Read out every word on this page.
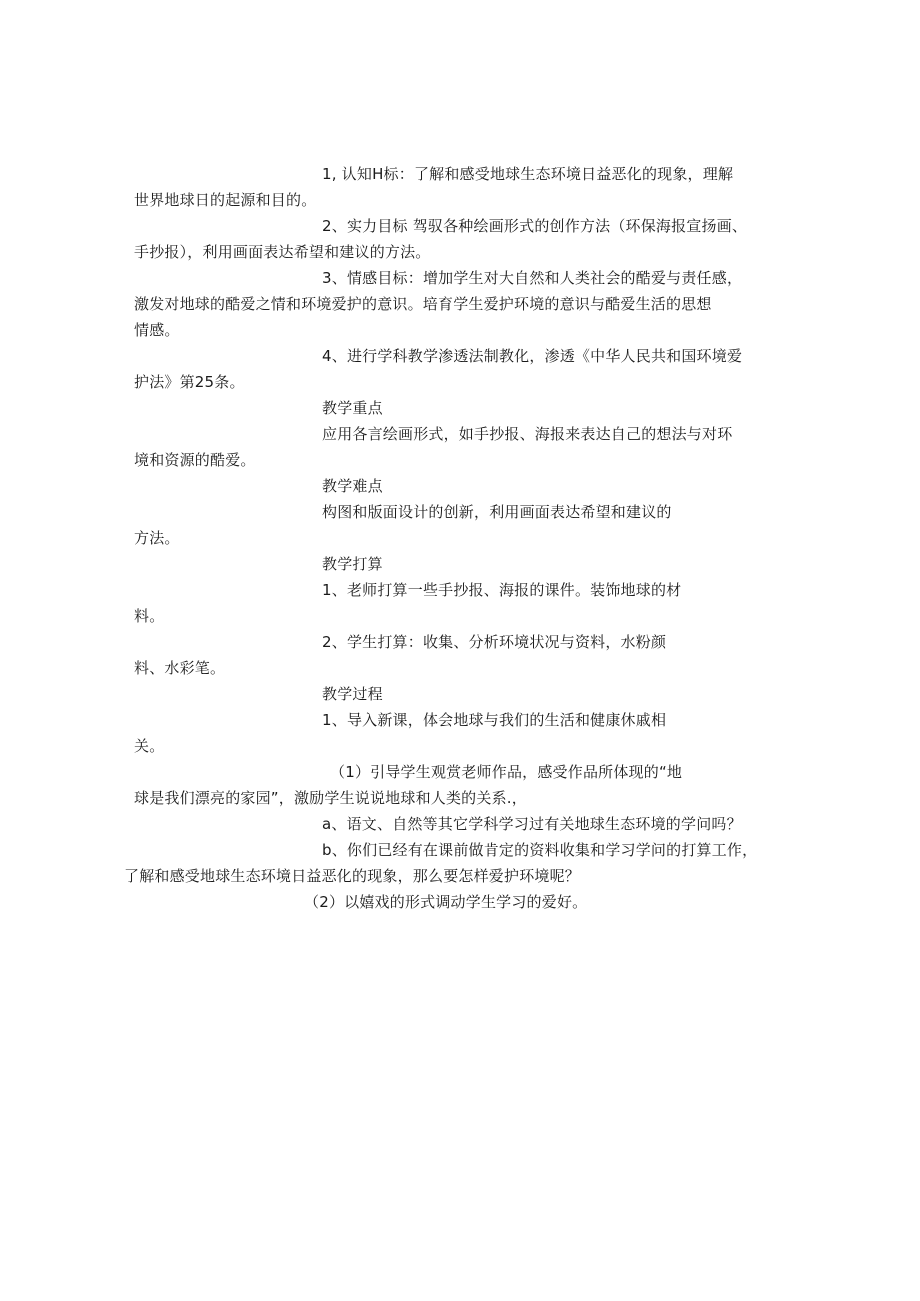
1, 认知H标：了解和感受地球生态环境日益恶化的现象，理解
世界地球日的起源和目的。
2、实力目标 驾驭各种绘画形式的创作方法（环保海报宣扬画、
手抄报），利用画面表达希望和建议的方法。
3、情感目标：增加学生对大自然和人类社会的酷爱与责任感，
激发对地球的酷爱之情和环境爱护的意识。培育学生爱护环境的意识与酷爱生活的思想
情感。
4、进行学科教学渗透法制教化，渗透《中华人民共和国环境爱
护法》第25条。
教学重点
应用各言绘画形式，如手抄报、海报来表达自己的想法与对环
境和资源的酷爱。
教学难点
构图和版面设计的创新，利用画面表达希望和建议的
方法。
教学打算
1、老师打算一些手抄报、海报的课件。装饰地球的材
料。
2、学生打算：收集、分析环境状况与资料，水粉颜
料、水彩笔。
教学过程
1、导入新课，体会地球与我们的生活和健康休戚相
关。
（1）引导学生观赏老师作品，感受作品所体现的“地
球是我们漂亮的家园”，激励学生说说地球和人类的关系.，
a、语文、自然等其它学科学习过有关地球生态环境的学问吗？
b、你们已经有在课前做肯定的资料收集和学习学问的打算工作，
了解和感受地球生态环境日益恶化的现象，那么要怎样爱护环境呢？
（2）以嬉戏的形式调动学生学习的爱好。
